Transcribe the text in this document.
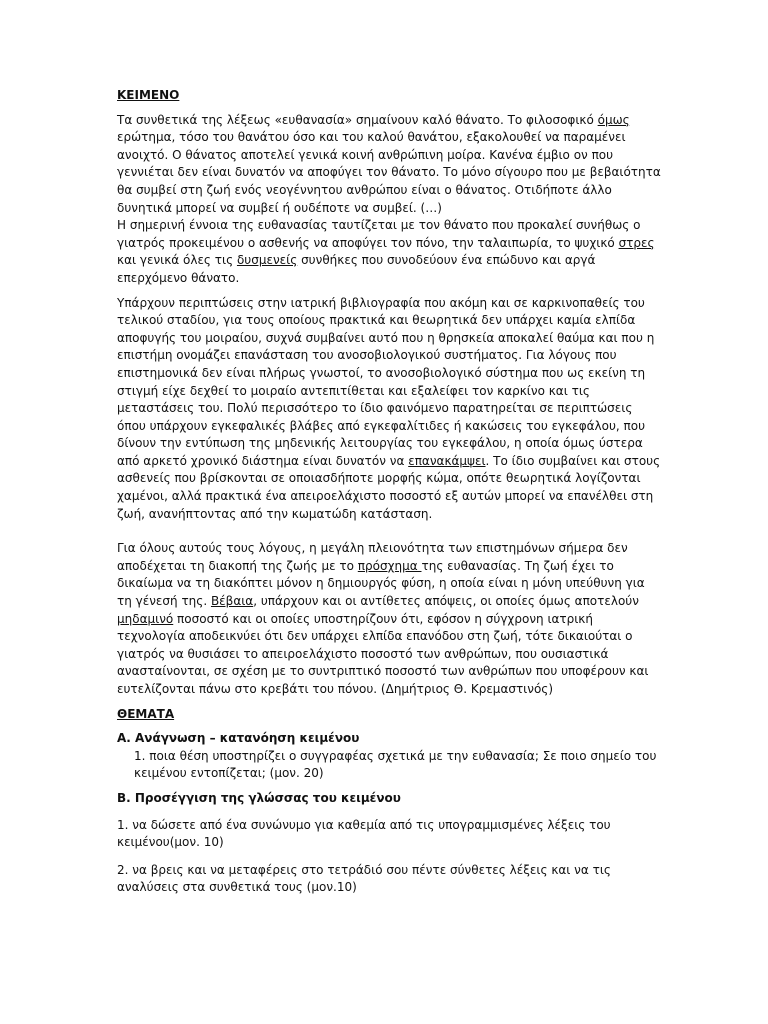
ΚΕΙΜΕΝΟ

Τα συνθετικά της λέξεως «ευθανασία» σημαίνουν καλό θάνατο. Το φιλοσοφικό όμως ερώτημα, τόσο του θανάτου όσο και του καλού θανάτου, εξακολουθεί να παραμένει ανοιχτό. Ο θάνατος αποτελεί γενικά κοινή ανθρώπινη μοίρα. Κανένα έμβιο ον που γεννιέται δεν είναι δυνατόν να αποφύγει τον θάνατο. Το μόνο σίγουρο που με βεβαιότητα θα συμβεί στη ζωή ενός νεογέννητου ανθρώπου είναι ο θάνατος. Οτιδήποτε άλλο δυνητικά μπορεί να συμβεί ή ουδέποτε να συμβεί. (…)

Η σημερινή έννοια της ευθανασίας ταυτίζεται με τον θάνατο που προκαλεί συνήθως ο γιατρός προκειμένου ο ασθενής να αποφύγει τον πόνο, την ταλαιπωρία, το ψυχικό στρες και γενικά όλες τις δυσμενείς συνθήκες που συνοδεύουν ένα επώδυνο και αργά επερχόμενο θάνατο.

Υπάρχουν περιπτώσεις στην ιατρική βιβλιογραφία που ακόμη και σε καρκινοπαθείς του τελικού σταδίου, για τους οποίους πρακτικά και θεωρητικά δεν υπάρχει καμία ελπίδα αποφυγής του μοιραίου, συχνά συμβαίνει αυτό που η θρησκεία αποκαλεί θαύμα και που η επιστήμη ονομάζει επανάσταση του ανοσοβιολογικού συστήματος. Για λόγους που επιστημονικά δεν είναι πλήρως γνωστοί, το ανοσοβιολογικό σύστημα που ως εκείνη τη στιγμή είχε δεχθεί το μοιραίο αντεπιτίθεται και εξαλείφει τον καρκίνο και τις μεταστάσεις του. Πολύ περισσότερο το ίδιο φαινόμενο παρατηρείται σε περιπτώσεις όπου υπάρχουν εγκεφαλικές βλάβες από εγκεφαλίτιδες ή κακώσεις του εγκεφάλου, που δίνουν την εντύπωση της μηδενικής λειτουργίας του εγκεφάλου, η οποία όμως ύστερα από αρκετό χρονικό διάστημα είναι δυνατόν να επανακάμψει. Το ίδιο συμβαίνει και στους ασθενείς που βρίσκονται σε οποιασδήποτε μορφής κώμα, οπότε θεωρητικά λογίζονται χαμένοι, αλλά πρακτικά ένα απειροελάχιστο ποσοστό εξ αυτών μπορεί να επανέλθει στη ζωή, ανανήπτοντας από την κωματώδη κατάσταση.

Για όλους αυτούς τους λόγους, η μεγάλη πλειονότητα των επιστημόνων σήμερα δεν αποδέχεται τη διακοπή της ζωής με το πρόσχημα της ευθανασίας. Τη ζωή έχει το δικαίωμα να τη διακόπτει μόνον η δημιουργός φύση, η οποία είναι η μόνη υπεύθυνη για τη γένεσή της. Βέβαια, υπάρχουν και οι αντίθετες απόψεις, οι οποίες όμως αποτελούν μηδαμινό ποσοστό και οι οποίες υποστηρίζουν ότι, εφόσον η σύγχρονη ιατρική τεχνολογία αποδεικνύει ότι δεν υπάρχει ελπίδα επανόδου στη ζωή, τότε δικαιούται ο γιατρός να θυσιάσει το απειροελάχιστο ποσοστό των ανθρώπων, που ουσιαστικά ανασταίνονται, σε σχέση με το συντριπτικό ποσοστό των ανθρώπων που υποφέρουν και ευτελίζονται πάνω στο κρεβάτι του πόνου. (Δημήτριος Θ. Κρεμαστινός)

ΘΕΜΑΤΑ

Α. Ανάγνωση – κατανόηση κειμένου

1. ποια θέση υποστηρίζει ο συγγραφέας σχετικά με την ευθανασία; Σε ποιο σημείο του κειμένου εντοπίζεται; (μον. 20)

Β. Προσέγγιση της γλώσσας του κειμένου

1. να δώσετε από ένα συνώνυμο για καθεμία από τις υπογραμμισμένες λέξεις του κειμένου(μον. 10)

2. να βρεις και να μεταφέρεις στο τετράδιό σου πέντε σύνθετες λέξεις και να τις αναλύσεις στα συνθετικά τους (μον.10)
